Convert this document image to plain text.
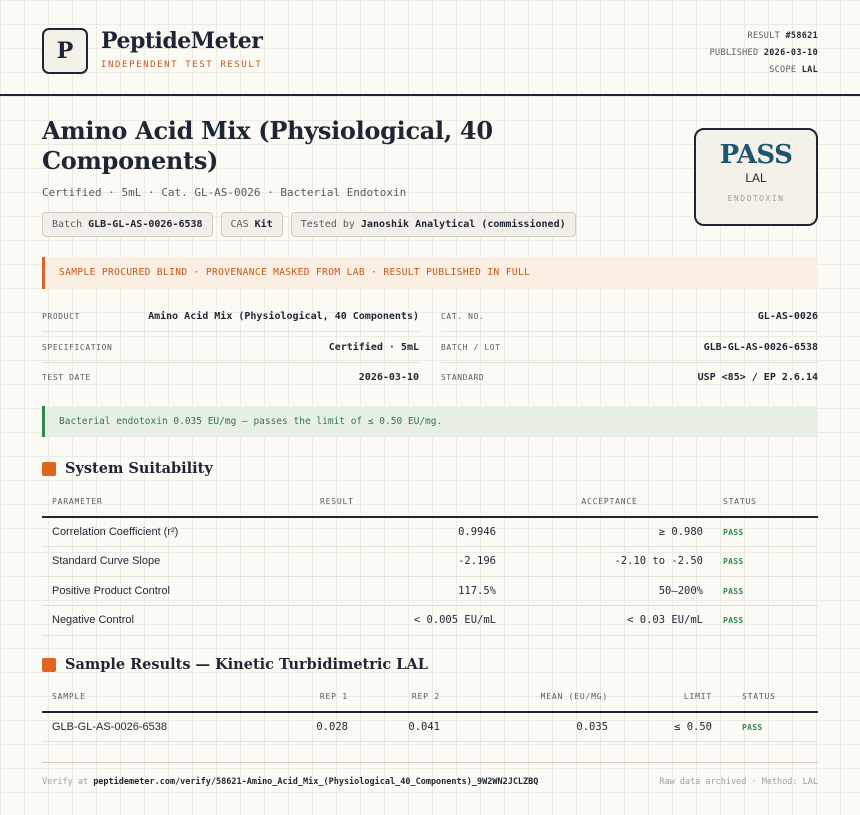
P	PeptideMeter
INDEPENDENT TEST RESULT
RESULT #58621
PUBLISHED 2026-03-10
SCOPE LAL
Amino Acid Mix (Physiological, 40 Components)
Certified · 5mL · Cat. GL-AS-0026 · Bacterial Endotoxin
Batch GLB-GL-AS-0026-6538	CAS Kit	Tested by Janoshik Analytical (commissioned)
PASS
LAL
ENDOTOXIN
SAMPLE PROCURED BLIND · PROVENANCE MASKED FROM LAB · RESULT PUBLISHED IN FULL
PRODUCT	Amino Acid Mix (Physiological, 40 Components)
SPECIFICATION	Certified · 5mL
TEST DATE	2026-03-10
CAT. NO.	GL-AS-0026
BATCH / LOT	GLB-GL-AS-0026-6538
STANDARD	USP <85> / EP 2.6.14
Bacterial endotoxin 0.035 EU/mg — passes the limit of ≤ 0.50 EU/mg.
System Suitability
PARAMETER	RESULT	ACCEPTANCE	STATUS
Correlation Coefficient (r²)	0.9946	≥ 0.980	PASS
Standard Curve Slope	-2.196	-2.10 to -2.50	PASS
Positive Product Control	117.5%	50–200%	PASS
Negative Control	< 0.005 EU/mL	< 0.03 EU/mL	PASS
Sample Results — Kinetic Turbidimetric LAL
SAMPLE	REP 1	REP 2	MEAN (EU/MG)	LIMIT	STATUS
GLB-GL-AS-0026-6538	0.028	0.041	0.035	≤ 0.50	PASS
Verify at peptidemeter.com/verify/58621-Amino_Acid_Mix_(Physiological_40_Components)_9W2WN2JCLZBQ	Raw data archived · Method: LAL
